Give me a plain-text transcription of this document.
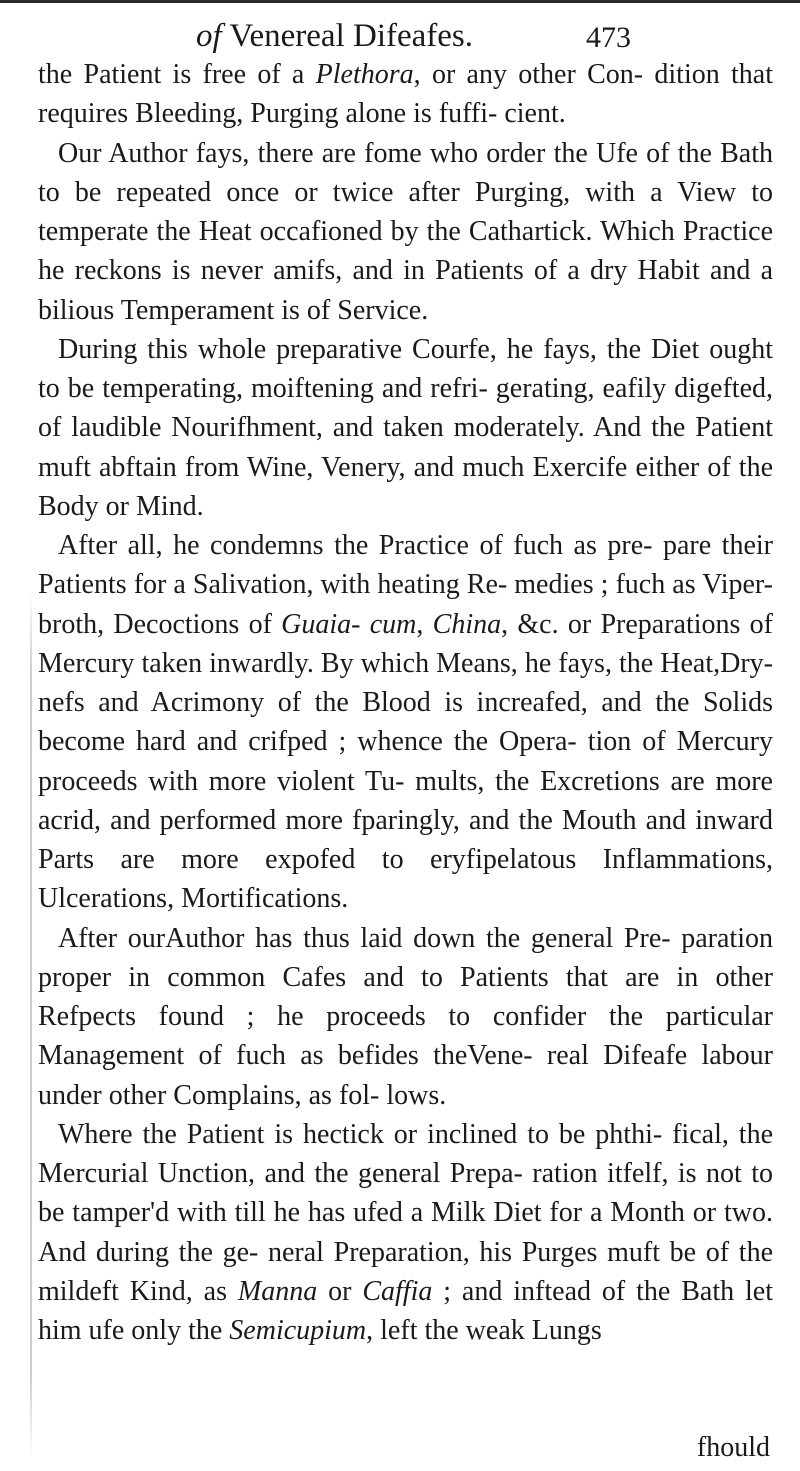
of Venereal Difeafes.	473

the Patient is free of a Plethora, or any other Con- dition that requires Bleeding, Purging alone is fuffi- cient.

Our Author fays, there are fome who order the Ufe of the Bath to be repeated once or twice after Purging, with a View to temperate the Heat occafioned by the Cathartick. Which Practice he reckons is never amifs, and in Patients of a dry Habit and a bilious Temperament is of Service.

During this whole preparative Courfe, he fays, the Diet ought to be temperating, moiftening and refri- gerating, eafily digefted, of laudible Nourifhment, and taken moderately. And the Patient muft abftain from Wine, Venery, and much Exercife either of the Body or Mind.

After all, he condemns the Practice of fuch as pre- pare their Patients for a Salivation, with heating Re- medies ; fuch as Viper-broth, Decoctions of Guaia- cum, China, &c. or Preparations of Mercury taken inwardly. By which Means, he fays, the Heat,Dry- nefs and Acrimony of the Blood is increafed, and the Solids become hard and crifped ; whence the Opera- tion of Mercury proceeds with more violent Tu- mults, the Excretions are more acrid, and performed more fparingly, and the Mouth and inward Parts are more expofed to eryfipelatous Inflammations, Ulcerations, Mortifications.

After ourAuthor has thus laid down the general Pre- paration proper in common Cafes and to Patients that are in other Refpects found ; he proceeds to confider the particular Management of fuch as befides theVene- real Difeafe labour under other Complains, as fol- lows.

Where the Patient is hectick or inclined to be phthi- fical, the Mercurial Unction, and the general Prepa- ration itfelf, is not to be tamper'd with till he has ufed a Milk Diet for a Month or two. And during the ge- neral Preparation, his Purges muft be of the mildeft Kind, as Manna or Caffia ; and inftead of the Bath let him ufe only the Semicupium, left the weak Lungs

fhould
